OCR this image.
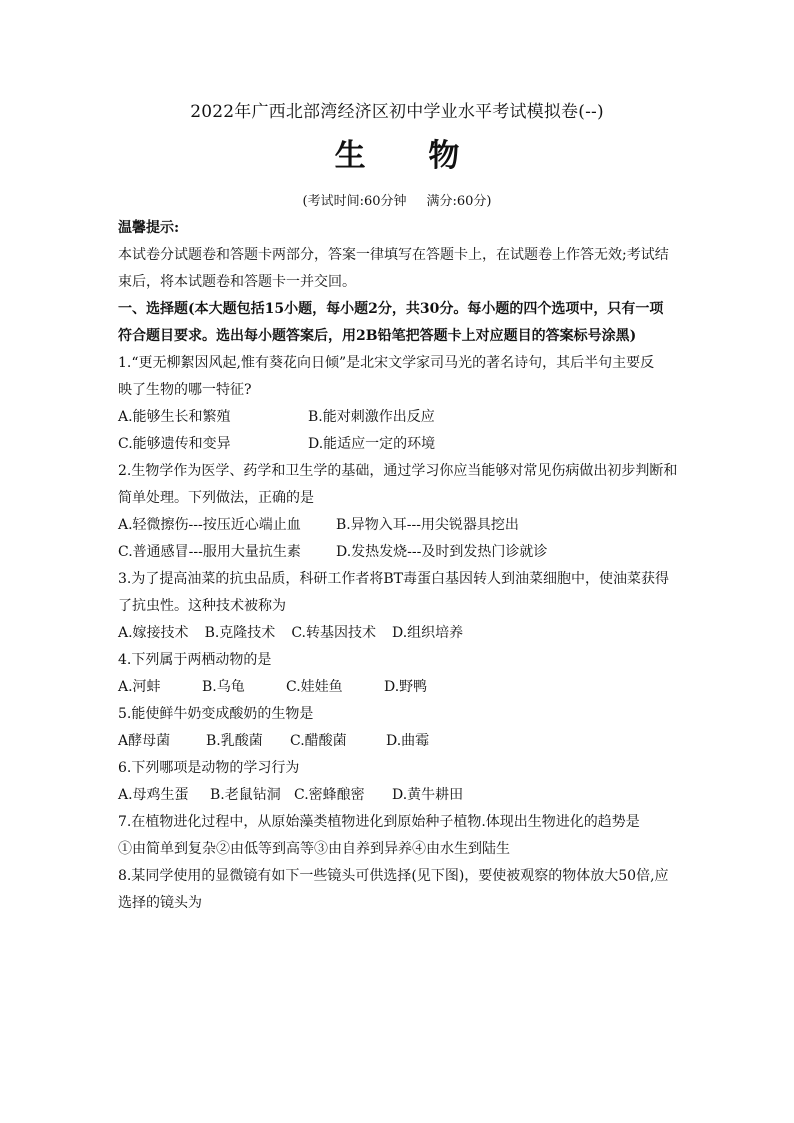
2022年广西北部湾经济区初中学业水平考试模拟卷(--)
生 物
(考试时间:60分钟 满分:60分)
温馨提示:
本试卷分试题卷和答题卡两部分，答案一律填写在答题卡上，在试题卷上作答无效;考试结
束后，将本试题卷和答题卡一并交回。
一、选择题(本大题包括15小题，每小题2分，共30分。每小题的四个选项中，只有一项
符合题目要求。选出每小题答案后，用2B铅笔把答题卡上对应题目的答案标号涂黑)
1.“更无柳絮因风起,惟有葵花向日倾”是北宋文学家司马光的著名诗句，其后半句主要反
映了生物的哪一特征?
A.能够生长和繁殖	B.能对刺激作出反应
C.能够遗传和变异	D.能适应一定的环境
2.生物学作为医学、药学和卫生学的基础，通过学习你应当能够对常见伤病做出初步判断和
简单处理。下列做法，正确的是
A.轻微擦伤---按压近心端止血	B.异物入耳---用尖锐器具挖出
C.普通感冒---服用大量抗生素	D.发热发烧---及时到发热门诊就诊
3.为了提高油菜的抗虫品质，科研工作者将BT毒蛋白基因转人到油菜细胞中，使油菜获得
了抗虫性。这种技术被称为
A.嫁接技术 B.克隆技术 C.转基因技术 D.组织培养
4.下列属于两栖动物的是
A.河蚌	B.乌龟	C.娃娃鱼	D.野鸭
5.能使鲜牛奶变成酸奶的生物是
A酵母菌	B.乳酸菌	C.醋酸菌	D.曲霉
6.下列哪项是动物的学习行为
A.母鸡生蛋	B.老鼠钻洞 C.密蜂酿密	D.黄牛耕田
7.在植物进化过程中，从原始藻类植物进化到原始种子植物.体现出生物进化的趋势是
①由简单到复杂②由低等到高等③由自养到异养④由水生到陆生
8.某同学使用的显微镜有如下一些镜头可供选择(见下图)，要使被观察的物体放大50倍,应
选择的镜头为
